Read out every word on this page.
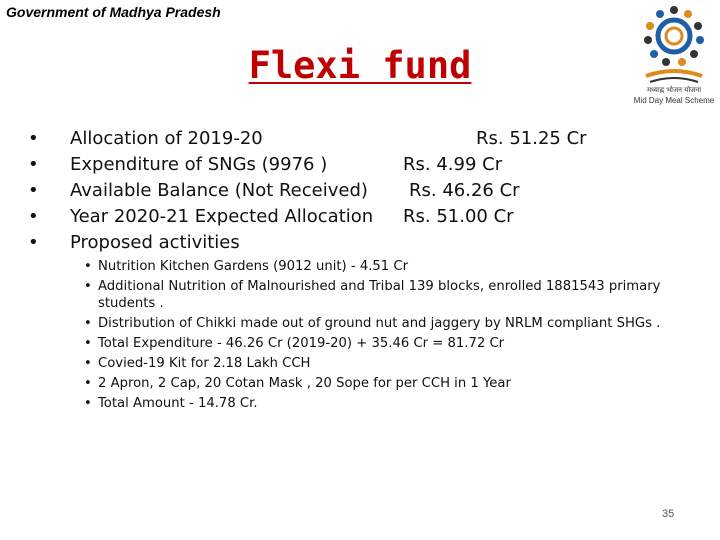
Government of Madhya Pradesh
Flexi fund
मध्याह्न भोजन योजना
Mid Day Meal Scheme
• Allocation of 2019-20	Rs. 51.25 Cr
• Expenditure of SNGs (9976 )	Rs. 4.99 Cr
• Available Balance (Not Received) Rs. 46.26 Cr
• Year 2020-21 Expected Allocation Rs. 51.00 Cr
• Proposed activities
• Nutrition Kitchen Gardens (9012 unit) - 4.51 Cr
• Additional Nutrition of Malnourished and Tribal 139 blocks, enrolled 1881543 primary students .
• Distribution of Chikki made out of ground nut and jaggery by NRLM compliant SHGs .
• Total Expenditure - 46.26 Cr (2019-20) + 35.46 Cr = 81.72 Cr
• Covied-19 Kit for 2.18 Lakh CCH
• 2 Apron, 2 Cap, 20 Cotan Mask , 20 Sope for per CCH in 1 Year
• Total Amount - 14.78 Cr.
35
